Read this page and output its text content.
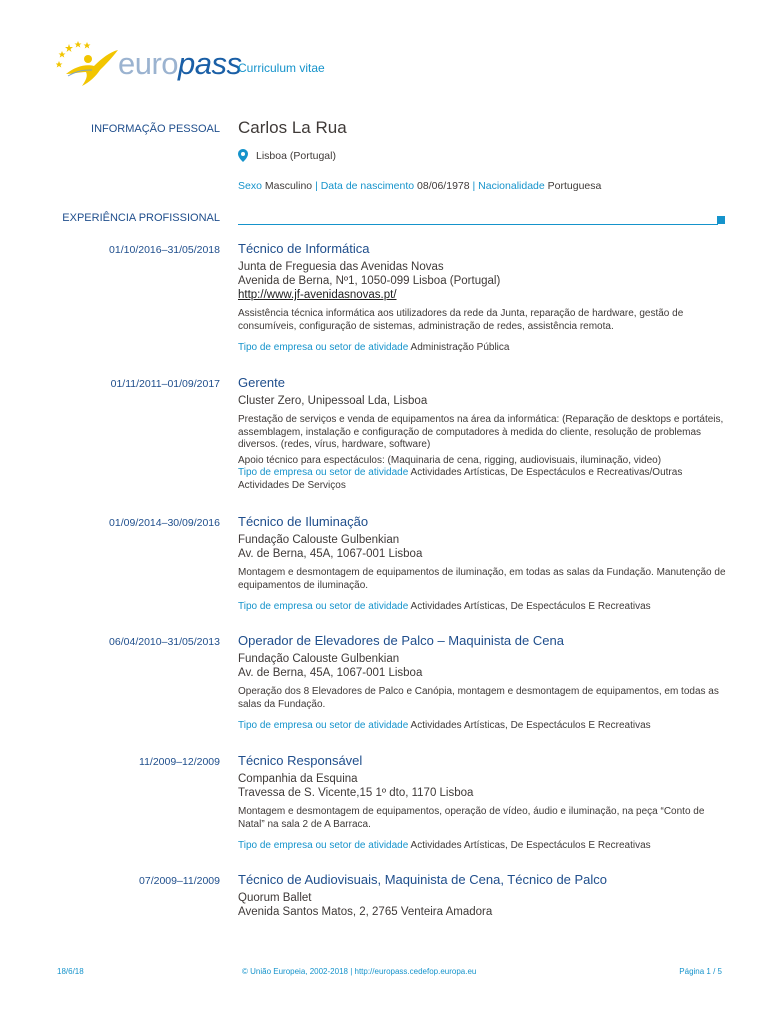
europass
Curriculum vitae
INFORMAÇÃO PESSOAL Carlos La Rua
Lisboa (Portugal)
Sexo Masculino | Data de nascimento 08/06/1978 | Nacionalidade Portuguesa
EXPERIÊNCIA PROFISSIONAL
01/10/2016–31/05/2018 Técnico de Informática
Junta de Freguesia das Avenidas Novas
Avenida de Berna, Nº1, 1050-099 Lisboa (Portugal)
http://www.jf-avenidasnovas.pt/
Assistência técnica informática aos utilizadores da rede da Junta, reparação de hardware, gestão de consumíveis, configuração de sistemas, administração de redes, assistência remota.
Tipo de empresa ou setor de atividade Administração Pública
01/11/2011–01/09/2017 Gerente
Cluster Zero, Unipessoal Lda, Lisboa
Prestação de serviços e venda de equipamentos na área da informática: (Reparação de desktops e portáteis, assemblagem, instalação e configuração de computadores à medida do cliente, resolução de problemas diversos. (redes, vírus, hardware, software)
Apoio técnico para espectáculos: (Maquinaria de cena, rigging, audiovisuais, iluminação, video)
Tipo de empresa ou setor de atividade Actividades Artísticas, De Espectáculos e Recreativas/Outras Actividades De Serviços
01/09/2014–30/09/2016 Técnico de Iluminação
Fundação Calouste Gulbenkian
Av. de Berna, 45A, 1067-001 Lisboa
Montagem e desmontagem de equipamentos de iluminação, em todas as salas da Fundação. Manutenção de equipamentos de iluminação.
Tipo de empresa ou setor de atividade Actividades Artísticas, De Espectáculos E Recreativas
06/04/2010–31/05/2013 Operador de Elevadores de Palco – Maquinista de Cena
Fundação Calouste Gulbenkian
Av. de Berna, 45A, 1067-001 Lisboa
Operação dos 8 Elevadores de Palco e Canópia, montagem e desmontagem de equipamentos, em todas as salas da Fundação.
Tipo de empresa ou setor de atividade Actividades Artísticas, De Espectáculos E Recreativas
11/2009–12/2009 Técnico Responsável
Companhia da Esquina
Travessa de S. Vicente,15 1º dto, 1170 Lisboa
Montagem e desmontagem de equipamentos, operação de vídeo, áudio e iluminação, na peça “Conto de Natal” na sala 2 de A Barraca.
Tipo de empresa ou setor de atividade Actividades Artísticas, De Espectáculos E Recreativas
07/2009–11/2009 Técnico de Audiovisuais, Maquinista de Cena, Técnico de Palco
Quorum Ballet
Avenida Santos Matos, 2, 2765 Venteira Amadora
18/6/18	© União Europeia, 2002-2018 | http://europass.cedefop.europa.eu	Página 1 / 5
